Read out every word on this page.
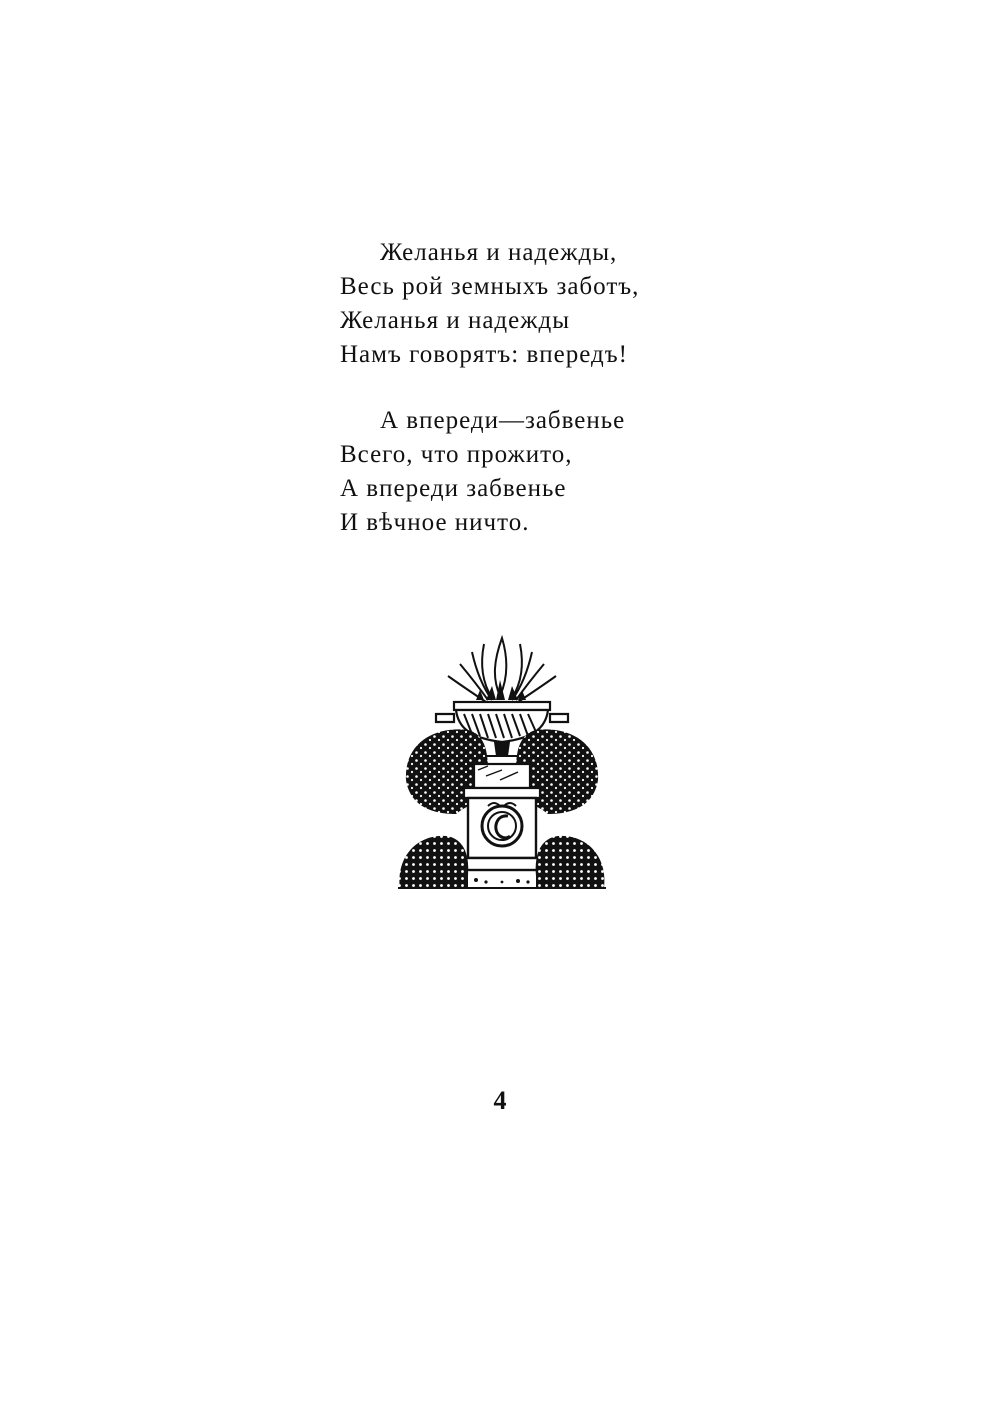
Желанья и надежды,
Весь рой земныхъ заботъ,
Желанья и надежды
Намъ говорятъ: впередъ!
А впереди—забвенье
Всего, что прожито,
А впереди забвенье
И вѣчное ничто.
4
